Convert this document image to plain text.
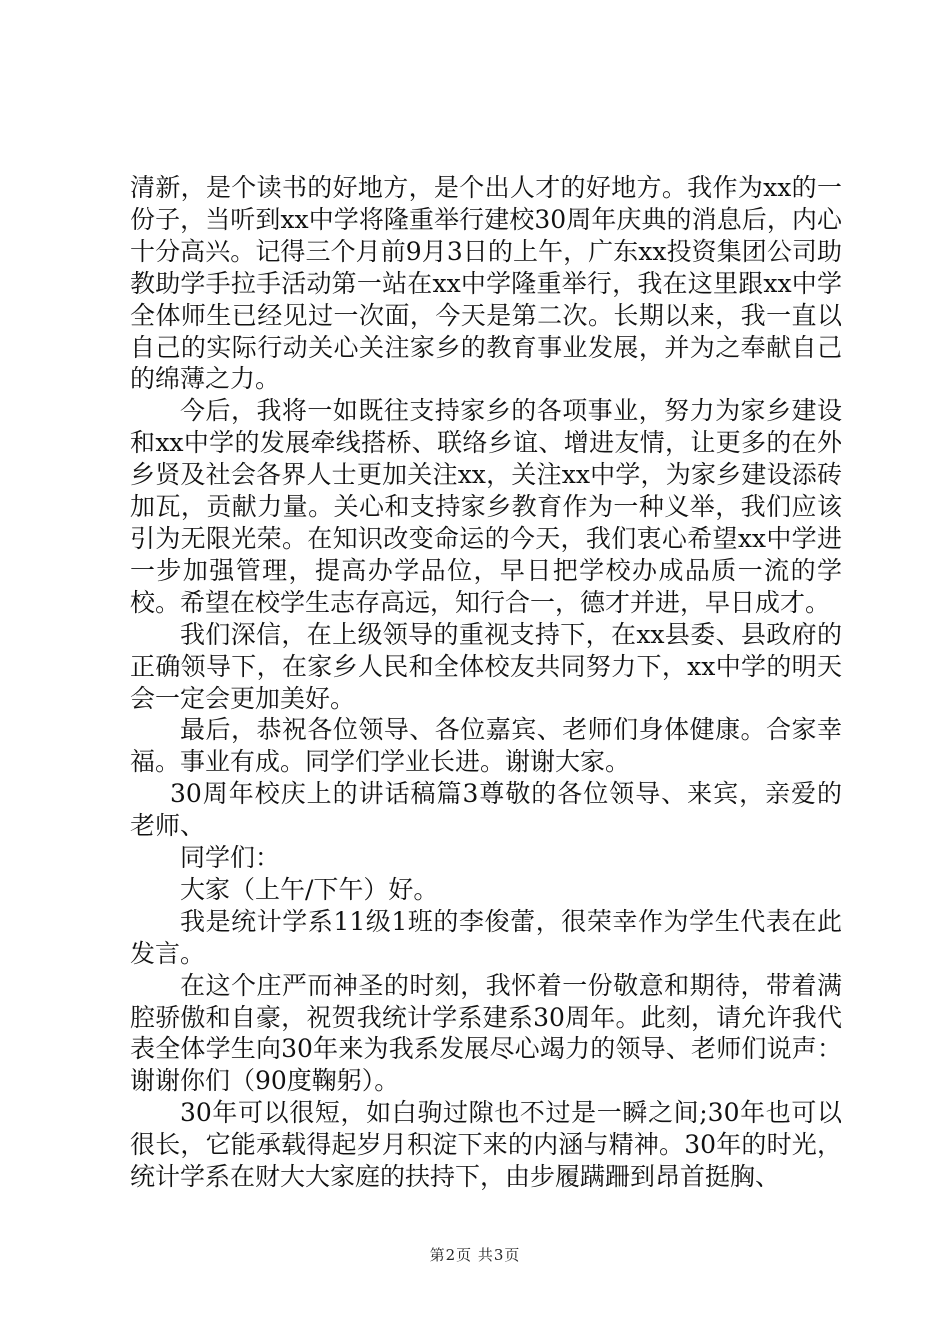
清新，是个读书的好地方，是个出人才的好地方。我作为xx的一份子，当听到xx中学将隆重举行建校30周年庆典的消息后，内心十分高兴。记得三个月前9月3日的上午，广东xx投资集团公司助教助学手拉手活动第一站在xx中学隆重举行，我在这里跟xx中学全体师生已经见过一次面，今天是第二次。长期以来，我一直以自己的实际行动关心关注家乡的教育事业发展，并为之奉献自己的绵薄之力。

今后，我将一如既往支持家乡的各项事业，努力为家乡建设和xx中学的发展牵线搭桥、联络乡谊、增进友情，让更多的在外乡贤及社会各界人士更加关注xx，关注xx中学，为家乡建设添砖加瓦，贡献力量。关心和支持家乡教育作为一种义举，我们应该引为无限光荣。在知识改变命运的今天，我们衷心希望xx中学进一步加强管理，提高办学品位，早日把学校办成品质一流的学校。希望在校学生志存高远，知行合一，德才并进，早日成才。

我们深信，在上级领导的重视支持下，在xx县委、县政府的正确领导下，在家乡人民和全体校友共同努力下，xx中学的明天会一定会更加美好。

最后，恭祝各位领导、各位嘉宾、老师们身体健康。合家幸福。事业有成。同学们学业长进。谢谢大家。

30周年校庆上的讲话稿篇3尊敬的各位领导、来宾，亲爱的老师、

同学们：

大家（上午/下午）好。

我是统计学系11级1班的李俊蕾，很荣幸作为学生代表在此发言。

在这个庄严而神圣的时刻，我怀着一份敬意和期待，带着满腔骄傲和自豪，祝贺我统计学系建系30周年。此刻，请允许我代表全体学生向30年来为我系发展尽心竭力的领导、老师们说声：谢谢你们（90度鞠躬）。

30年可以很短，如白驹过隙也不过是一瞬之间;30年也可以很长，它能承载得起岁月积淀下来的内涵与精神。30年的时光，统计学系在财大大家庭的扶持下，由步履蹒跚到昂首挺胸、

第2页 共3页
